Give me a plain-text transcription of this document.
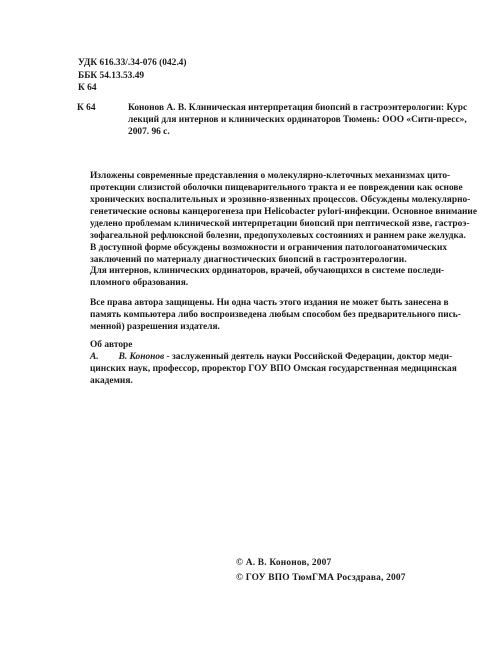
УДК 616.33/.34-076 (042.4)
ББК 54.13.53.49
К 64
К 64	Кононов А. В. Клиническая интерпретация биопсий в гастроэнтерологии: Курс
лекций для интернов и клинических ординаторов Тюмень: ООО «Сити-пресс»,
2007. 96 с.
Изложены современные представления о молекулярно-клеточных механизмах цито-
протекции слизистой оболочки пищеварительного тракта и ее повреждении как основе
хронических воспалительных и эрозивно-язвенных процессов. Обсуждены молекулярно-
генетические основы канцерогенеза при Helicobacter pylori-инфекции. Основное внимание
уделено проблемам клинической интерпретации биопсий при пептической язве, гастроэ-
зофагеальной рефлюксной болезни, предопухолевых состояниях и раннем раке желудка.
В доступной форме обсуждены возможности и ограничения патологоанатомических
заключений по материалу диагностических биопсий в гастроэнтерологии.
Для интернов, клинических ординаторов, врачей, обучающихся в системе последи-
пломного образования.
Все права автора защищены. Ни одна часть этого издания не может быть занесена в
память компьютера либо воспроизведена любым способом без предварительного пись-
менной) разрешения издателя.
Об авторе
А. В. Кононов - заслуженный деятель науки Российской Федерации, доктор меди-
цинских наук, профессор, проректор ГОУ ВПО Омская государственная медицинская
академия.
© А. В. Кононов, 2007
© ГОУ ВПО ТюмГМА Росздрава, 2007
